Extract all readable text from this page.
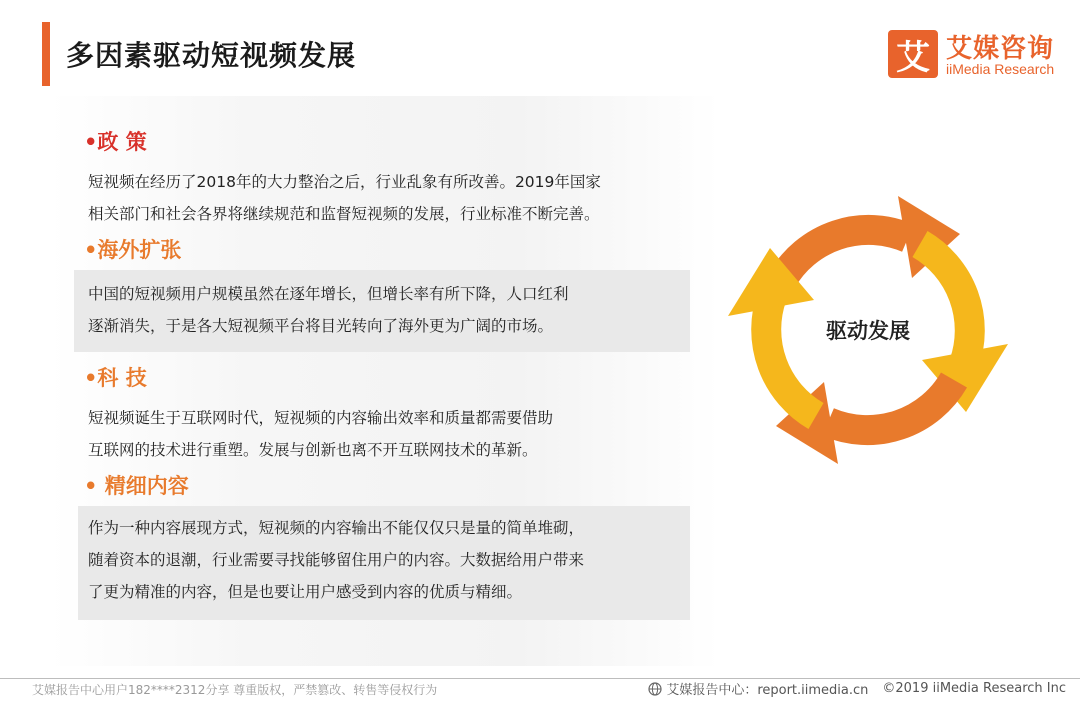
多因素驱动短视频发展	艾 艾媒咨询
iiMedia Research
•政 策
短视频在经历了2018年的大力整治之后，行业乱象有所改善。2019年国家
相关部门和社会各界将继续规范和监督短视频的发展，行业标准不断完善。
•海外扩张
中国的短视频用户规模虽然在逐年增长，但增长率有所下降，人口红利
逐渐消失，于是各大短视频平台将目光转向了海外更为广阔的市场。
•科 技
短视频诞生于互联网时代，短视频的内容输出效率和质量都需要借助
互联网的技术进行重塑。发展与创新也离不开互联网技术的革新。
• 精细内容
作为一种内容展现方式，短视频的内容输出不能仅仅只是量的简单堆砌，
随着资本的退潮，行业需要寻找能够留住用户的内容。大数据给用户带来
了更为精准的内容，但是也要让用户感受到内容的优质与精细。
驱动发展
艾媒报告中心用户182****2312分享 尊重版权，严禁篡改、转售等侵权行为	艾媒报告中心：report.iimedia.cn ©2019 iiMedia Research Inc
